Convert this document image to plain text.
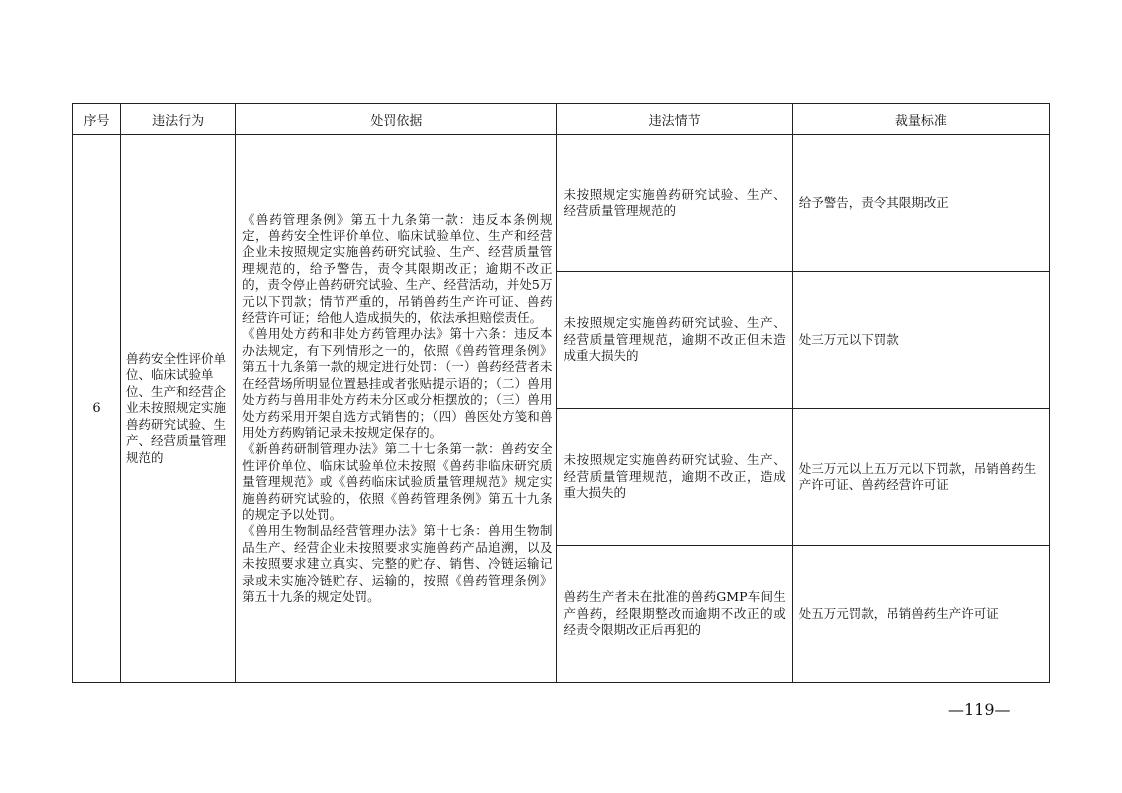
序号	违法行为	处罚依据	违法情节	裁量标准
6	兽药安全性评价单位、临床试验单位、生产和经营企业未按照规定实施兽药研究试验、生产、经营质量管理规范的	《兽药管理条例》第五十九条第一款：违反本条例规定，兽药安全性评价单位、临床试验单位、生产和经营企业未按照规定实施兽药研究试验、生产、经营质量管理规范的，给予警告，责令其限期改正；逾期不改正的，责令停止兽药研究试验、生产、经营活动，并处5万元以下罚款；情节严重的，吊销兽药生产许可证、兽药经营许可证；给他人造成损失的，依法承担赔偿责任。

《兽用处方药和非处方药管理办法》第十六条：违反本办法规定，有下列情形之一的，依照《兽药管理条例》第五十九条第一款的规定进行处罚：（一）兽药经营者未在经营场所明显位置悬挂或者张贴提示语的；（二）兽用处方药与兽用非处方药未分区或分柜摆放的；（三）兽用处方药采用开架自选方式销售的；（四）兽医处方笺和兽用处方药购销记录未按规定保存的。

《新兽药研制管理办法》第二十七条第一款：兽药安全性评价单位、临床试验单位未按照《兽药非临床研究质量管理规范》或《兽药临床试验质量管理规范》规定实施兽药研究试验的，依照《兽药管理条例》第五十九条的规定予以处罚。

《兽用生物制品经营管理办法》第十七条：兽用生物制品生产、经营企业未按照要求实施兽药产品追溯，以及未按照要求建立真实、完整的贮存、销售、冷链运输记录或未实施冷链贮存、运输的，按照《兽药管理条例》第五十九条的规定处罚。	未按照规定实施兽药研究试验、生产、经营质量管理规范的	给予警告，责令其限期改正
			未按照规定实施兽药研究试验、生产、经营质量管理规范，逾期不改正但未造成重大损失的	处三万元以下罚款
			未按照规定实施兽药研究试验、生产、经营质量管理规范，逾期不改正，造成重大损失的	处三万元以上五万元以下罚款，吊销兽药生产许可证、兽药经营许可证
			兽药生产者未在批准的兽药GMP车间生产兽药，经限期整改而逾期不改正的或经责令限期改正后再犯的	处五万元罚款，吊销兽药生产许可证
—119—
